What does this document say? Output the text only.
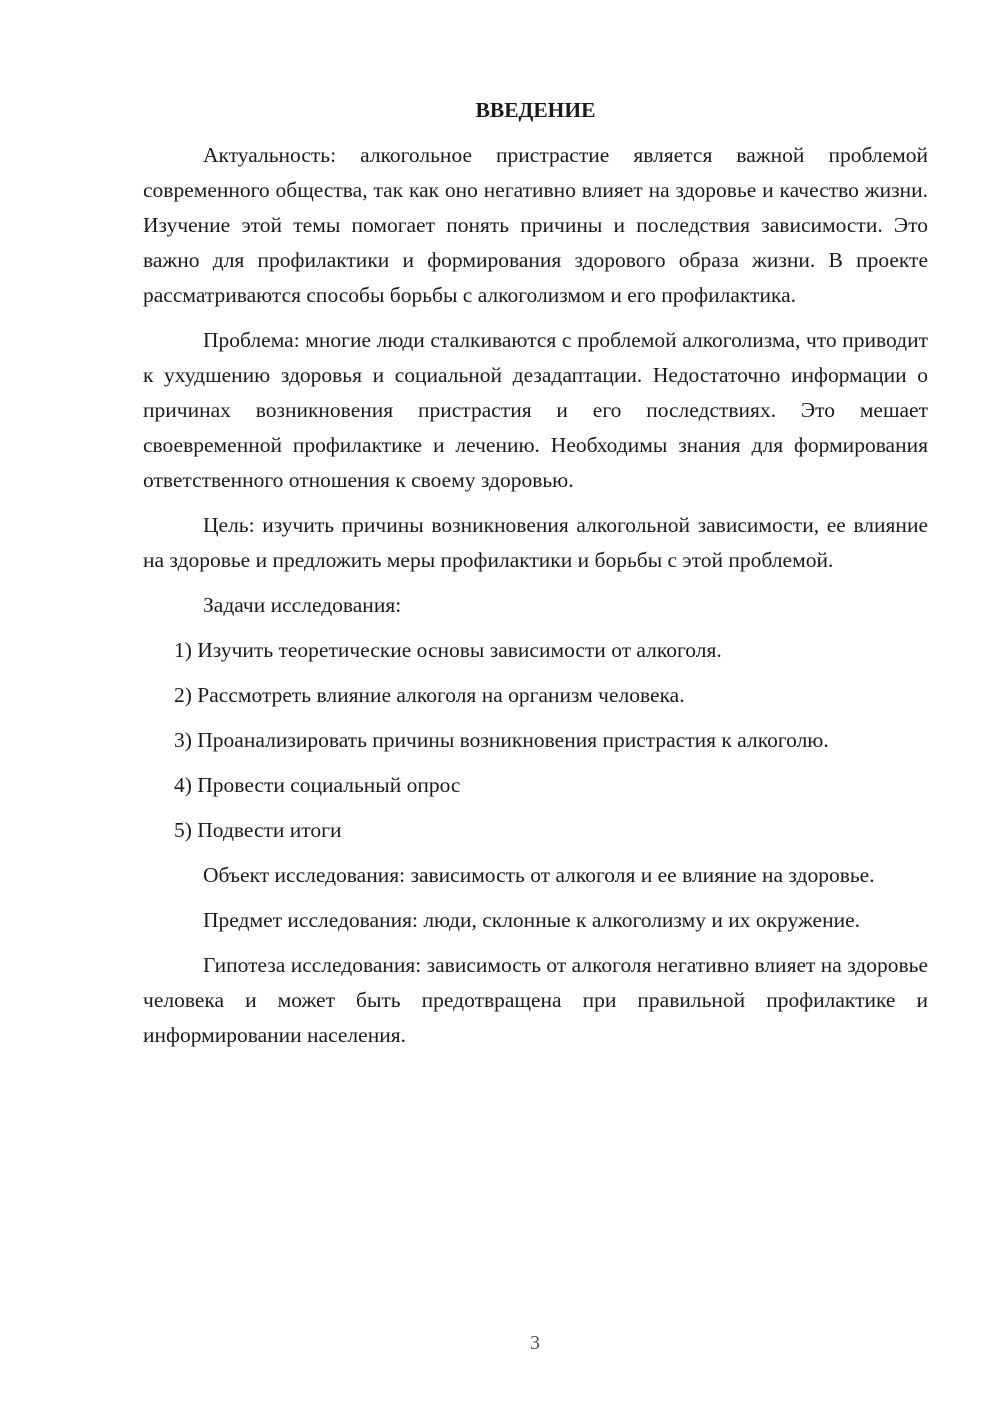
ВВЕДЕНИЕ

Актуальность: алкогольное пристрастие является важной проблемой современного общества, так как оно негативно влияет на здоровье и качество жизни. Изучение этой темы помогает понять причины и последствия зависимости. Это важно для профилактики и формирования здорового образа жизни. В проекте рассматриваются способы борьбы с алкоголизмом и его профилактика.

Проблема: многие люди сталкиваются с проблемой алкоголизма, что приводит к ухудшению здоровья и социальной дезадаптации. Недостаточно информации о причинах возникновения пристрастия и его последствиях. Это мешает своевременной профилактике и лечению. Необходимы знания для формирования ответственного отношения к своему здоровью.

Цель: изучить причины возникновения алкогольной зависимости, ее влияние на здоровье и предложить меры профилактики и борьбы с этой проблемой.

Задачи исследования:

1) Изучить теоретические основы зависимости от алкоголя.

2) Рассмотреть влияние алкоголя на организм человека.

3) Проанализировать причины возникновения пристрастия к алкоголю.

4) Провести социальный опрос

5) Подвести итоги

Объект исследования: зависимость от алкоголя и ее влияние на здоровье.

Предмет исследования: люди, склонные к алкоголизму и их окружение.

Гипотеза исследования: зависимость от алкоголя негативно влияет на здоровье человека и может быть предотвращена при правильной профилактике и информировании населения.

3
